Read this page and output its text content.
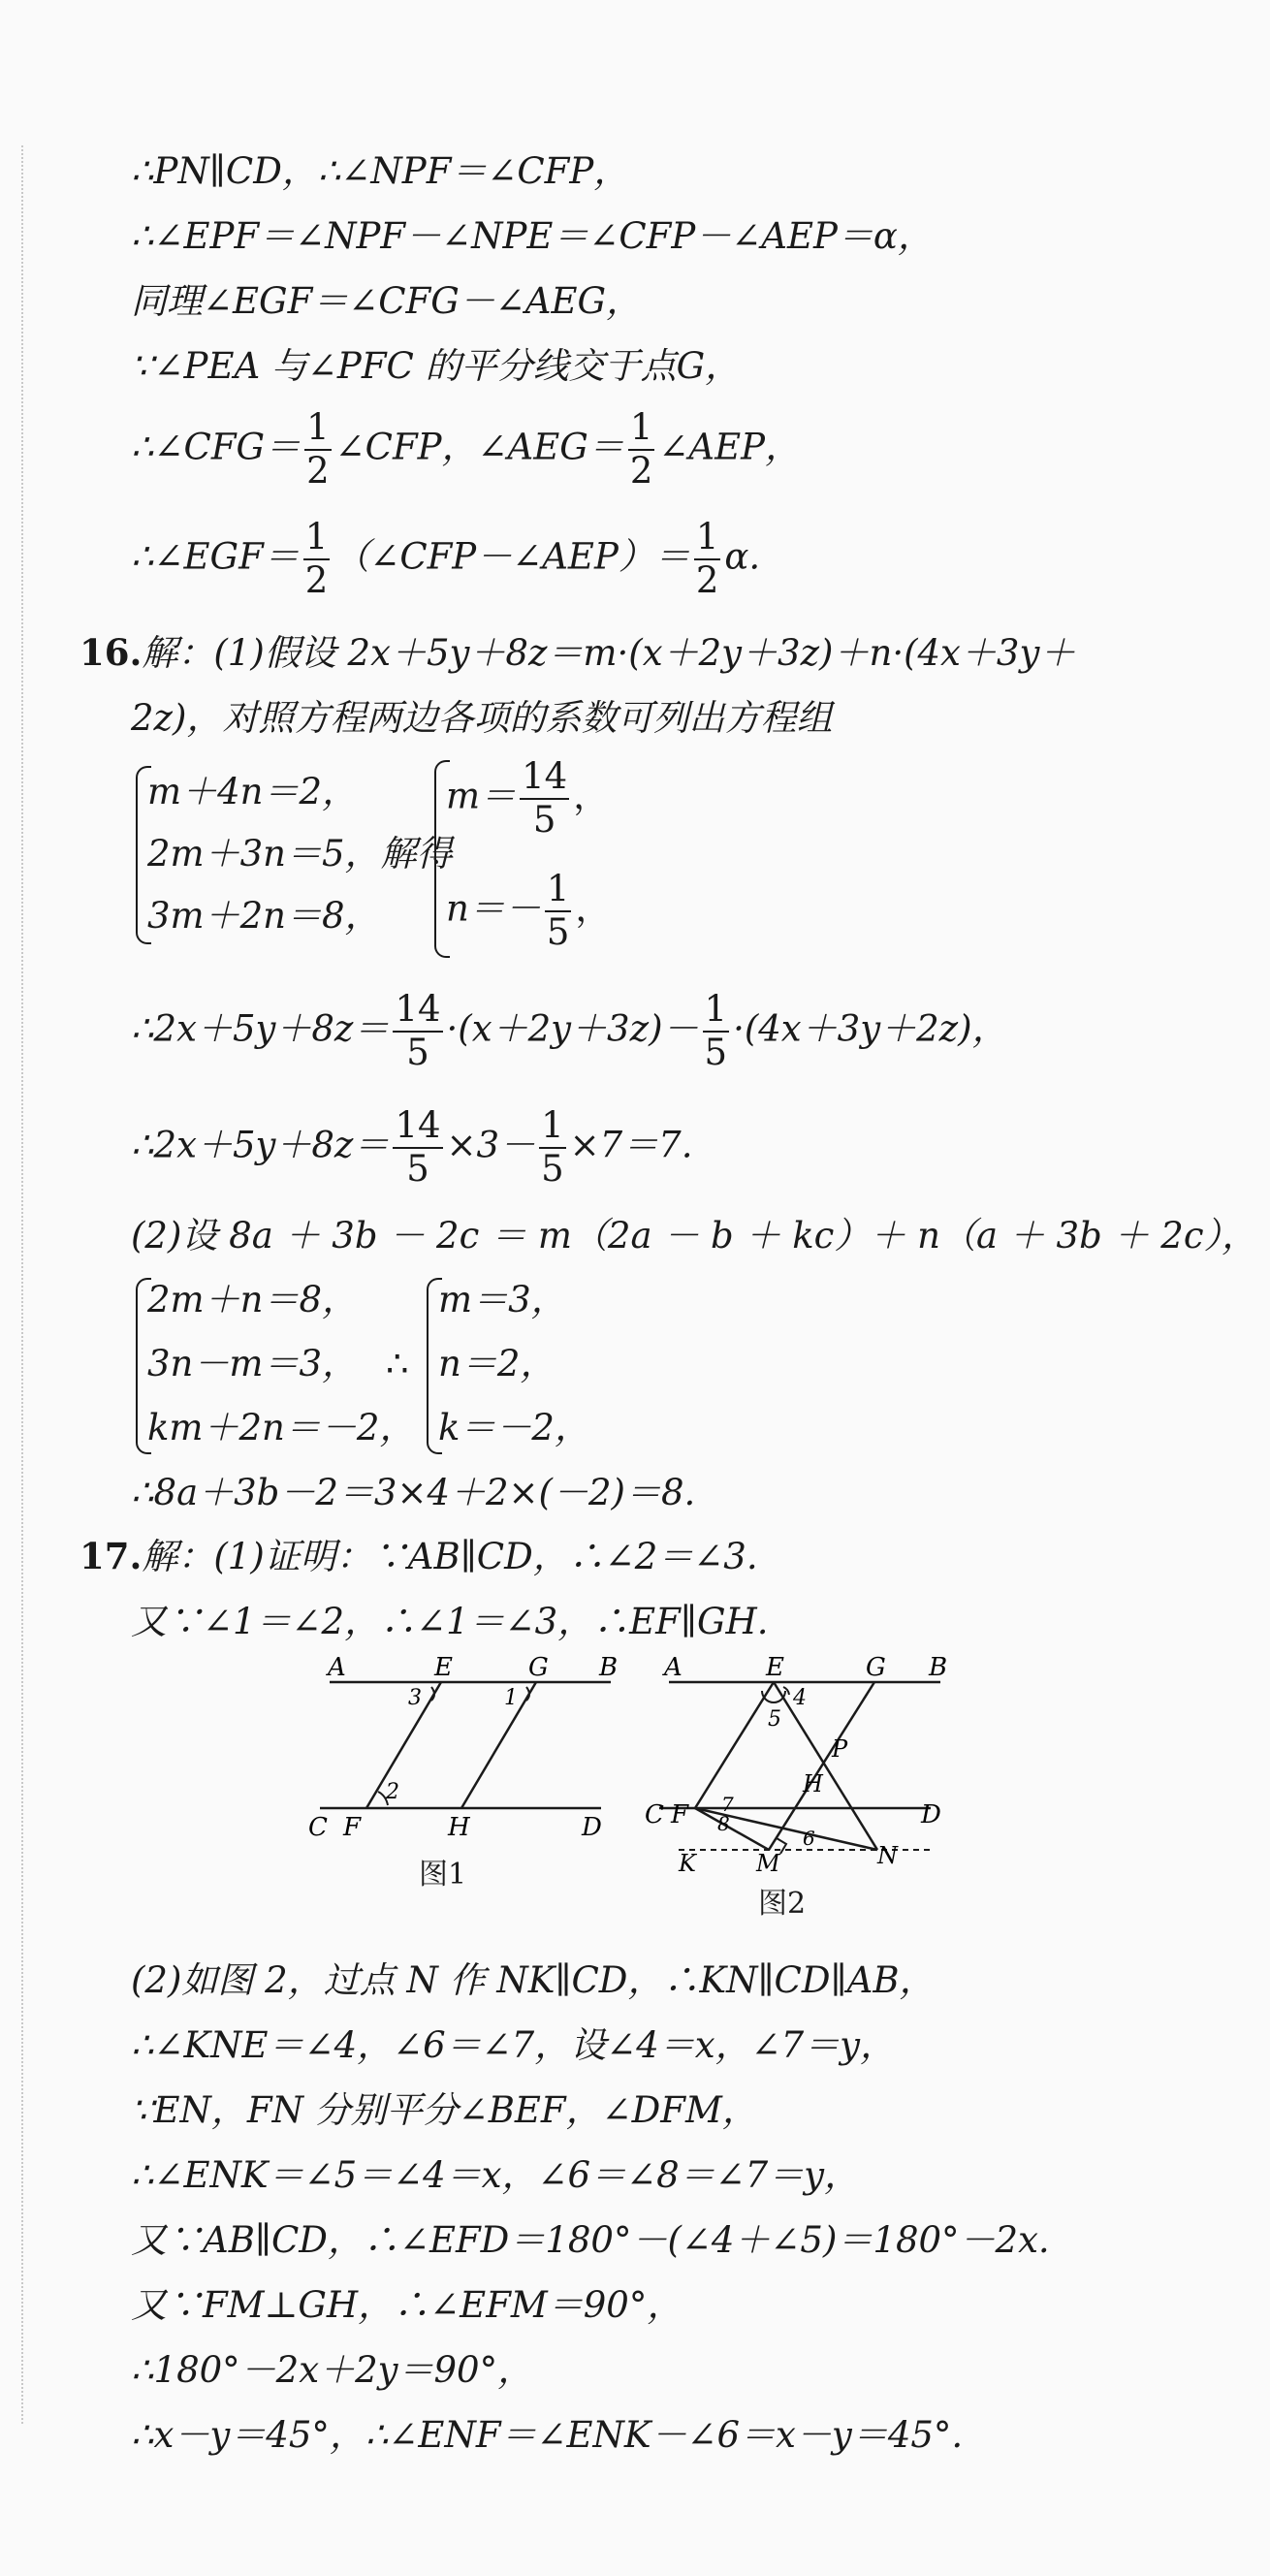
∴PN∥CD，∴∠NPF＝∠CFP，
∴∠EPF＝∠NPF－∠NPE＝∠CFP－∠AEP＝α，
同理∠EGF＝∠CFG－∠AEG，
∵∠PEA 与∠PFC 的平分线交于点G，
∴∠CFG＝ $\frac{1}{2}$ ∠CFP，∠AEG＝ $\frac{1}{2}$ ∠AEP，
∴∠EGF＝ $\frac{1}{2}$ （∠CFP－∠AEP）＝ $\frac{1}{2} \alpha$.
16.解：(1)假设 2x＋5y＋8z＝m·(x＋2y＋3z)＋n·(4x＋3y＋
2z)，对照方程两边各项的系数可列出方程组
m＋4n＝2，
2m＋3n＝5，解得
3m＋2n＝8，
$m= \frac{14}{5}$ ，
$n=- \frac{1}{5}$ ，
∴2x＋5y＋8z＝ $\frac{14}{5} \cdot(x+2y+3z)- \frac{1}{5} \cdot(4x+3y+2z)$，
∴2x＋5y＋8z＝ $\frac{14}{5} \times 3- \frac{1}{5} \times 7=7$.
(2)设 8a ＋ 3b － 2c ＝ m（2a － b ＋ kc）＋ n（a ＋ 3b ＋ 2c），
2m＋n＝8，
3n－m＝3，
km＋2n＝－2，
∴
m＝3，
n＝2，
k＝－2，
∴8a＋3b－2＝3×4＋2×(－2)＝8.
17.解：(1)证明：∵AB∥CD，∴∠2＝∠3.
又∵∠1＝∠2，∴∠1＝∠3，∴EF∥GH.
A	E	G B
3	1
2
C F	H	D
图1
A	E	G B
4
5
P
H
7
8
6
C F	D
K	M	N
图2
(2)如图 2，过点 N 作 NK∥CD，∴KN∥CD∥AB，
∴∠KNE＝∠4，∠6＝∠7，设∠4＝x，∠7＝y，
∵EN，FN 分别平分∠BEF，∠DFM，
∴∠ENK＝∠5＝∠4＝x，∠6＝∠8＝∠7＝y，
又∵AB∥CD，∴∠EFD＝180°－(∠4＋∠5)＝180°－2x.
又∵FM⊥GH，∴∠EFM＝90°，
∴180°－2x＋2y＝90°，
∴x－y＝45°，∴∠ENF＝∠ENK－∠6＝x－y＝45°.
